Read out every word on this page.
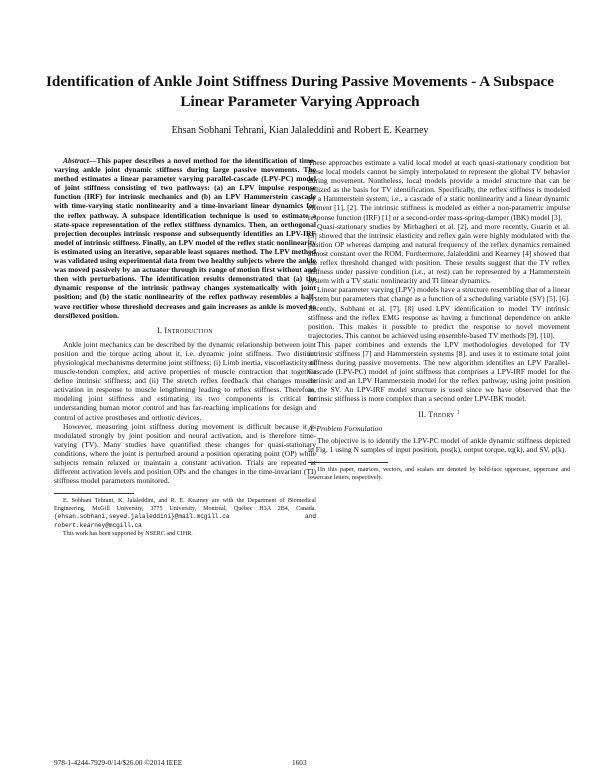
Identification of Ankle Joint Stiffness During Passive Movements - A Subspace Linear Parameter Varying Approach
Ehsan Sobhani Tehrani, Kian Jalaleddini and Robert E. Kearney

Abstract—This paper describes a novel method for the identification of time-varying ankle joint dynamic stiffness during large passive movements. The method estimates a linear parameter varying parallel-cascade (LPV-PC) model of joint stiffness consisting of two pathways: (a) an LPV impulse response function (IRF) for intrinsic mechanics and (b) an LPV Hammerstein cascade with time-varying static nonlinearity and a time-invariant linear dynamics for the reflex pathway. A subspace identification technique is used to estimate a state-space representation of the reflex stiffness dynamics. Then, an orthogonal projection decouples intrinsic response and subsequently identifies an LPV-IRF model of intrinsic stiffness. Finally, an LPV model of the reflex static nonlinearity is estimated using an iterative, separable least squares method. The LPV method was validated using experimental data from two healthy subjects where the ankle was moved passively by an actuator through its range of motion first without and then with perturbations. The identification results demonstrated that (a) the dynamic response of the intrinsic pathway changes systematically with joint position; and (b) the static nonlinearity of the reflex pathway resembles a half-wave rectifier whose threshold decreases and gain increases as ankle is moved to dorsiflexed position.

I. Introduction

Ankle joint mechanics can be described by the dynamic relationship between joint position and the torque acting about it, i.e. dynamic joint stiffness. Two distinct physiological mechanisms determine joint stiffness: (i) Limb inertia, viscoelasticity of muscle-tendon complex, and active properties of muscle contraction that together define intrinsic stiffness; and (ii) The stretch reflex feedback that changes muscle activation in response to muscle lengthening leading to reflex stiffness. Therefore, modeling joint stiffness and estimating its two components is critical for understanding human motor control and has far-reaching implications for design and control of active prostheses and orthotic devices.

However, measuring joint stiffness during movement is difficult because it is modulated strongly by joint position and neural activation, and is therefore time-varying (TV). Many studies have quantified these changes for quasi-stationary conditions, where the joint is perturbed around a position operating point (OP) while subjects remain relaxed or maintain a constant activation. Trials are repeated at different activation levels and position OPs and the changes in the time-invariant (TI) stiffness model parameters monitored.

E. Sobhani Tehrani, K. Jalaleddini, and R. E. Kearney are with the Department of Biomedical Engineering, McGill University, 3775 University, Montréal, Québec H3A 2B4, Canada. {ehsan.sobhani,seyed.jalaleddini}@mail.mcgill.ca and robert.kearney@mcgill.ca

This work has been supported by NSERC and CIHR.

These approaches estimate a valid local model at each quasi-stationary condition but these local models cannot be simply interpolated to represent the global TV behavior during movement. Nontheless, local models provide a model structure that can be utilized as the basis for TV identification. Specifically, the reflex stiffness is modeled by a Hammerstein system; i.e., a cascade of a static nonlinearity and a linear dynamic element [1], [2]. The intrinsic stiffness is modeled as either a non-parametric impulse response function (IRF) [1] or a second-order mass-spring-damper (IBK) model [3].

Quasi-stationary studies by Mirbagheri et al. [2], and more recently, Guarin et al. [3] showed that the intrinsic elasticity and reflex gain were highly modulated with the position OP whereas damping and natural frequency of the reflex dynamics remained almost constant over the ROM. Furthermore, Jalaleddini and Kearney [4] showed that the reflex threshold changed with position. These results suggest that the TV reflex stiffness under passive condition (i.e., at rest) can be represented by a Hammerstein system with a TV static nonlinearity and TI linear dynamics.

Linear parameter varying (LPV) models have a structure resembling that of a linear system but parameters that change as a function of a scheduling variable (SV) [5], [6]. Recently, Sobhani et al. [7], [8] used LPV identification to model TV intrinsic stiffness and the reflex EMG response as having a functional dependence on ankle position. This makes it possible to predict the response to novel movement trajectories. This cannot be achieved using ensemble-based TV methods [9], [10].

This paper combines and extends the LPV methodologies developed for TV intrinsic stiffness [7] and Hammerstein systems [8], and uses it to estimate total joint stiffness during passive movements. The new algorithm identifies an LPV Parallel-Cascade (LPV-PC) model of joint stiffness that comprises a LPV-IRF model for the intrinsic and an LPV Hammerstein model for the reflex pathway, using joint position as the SV. An LPV-IRF model structure is used since we have observed that the intrinsic stiffness is more complex than a second order LPV-IBK model.

II. Theory $^1$
A. Problem Formulation

The objective is to identify the LPV-PC model of ankle dynamic stiffness depicted in Fig. 1 using N samples of input position, pos(k), output torque, tq(k), and SV, ρ(k).

1In this paper, matrices, vectors, and scalars are denoted by bold-face uppercase, uppercase and lowercase letters, respectively.

978-1-4244-7929-0/14/$26.00 ©2014 IEEE	1603
